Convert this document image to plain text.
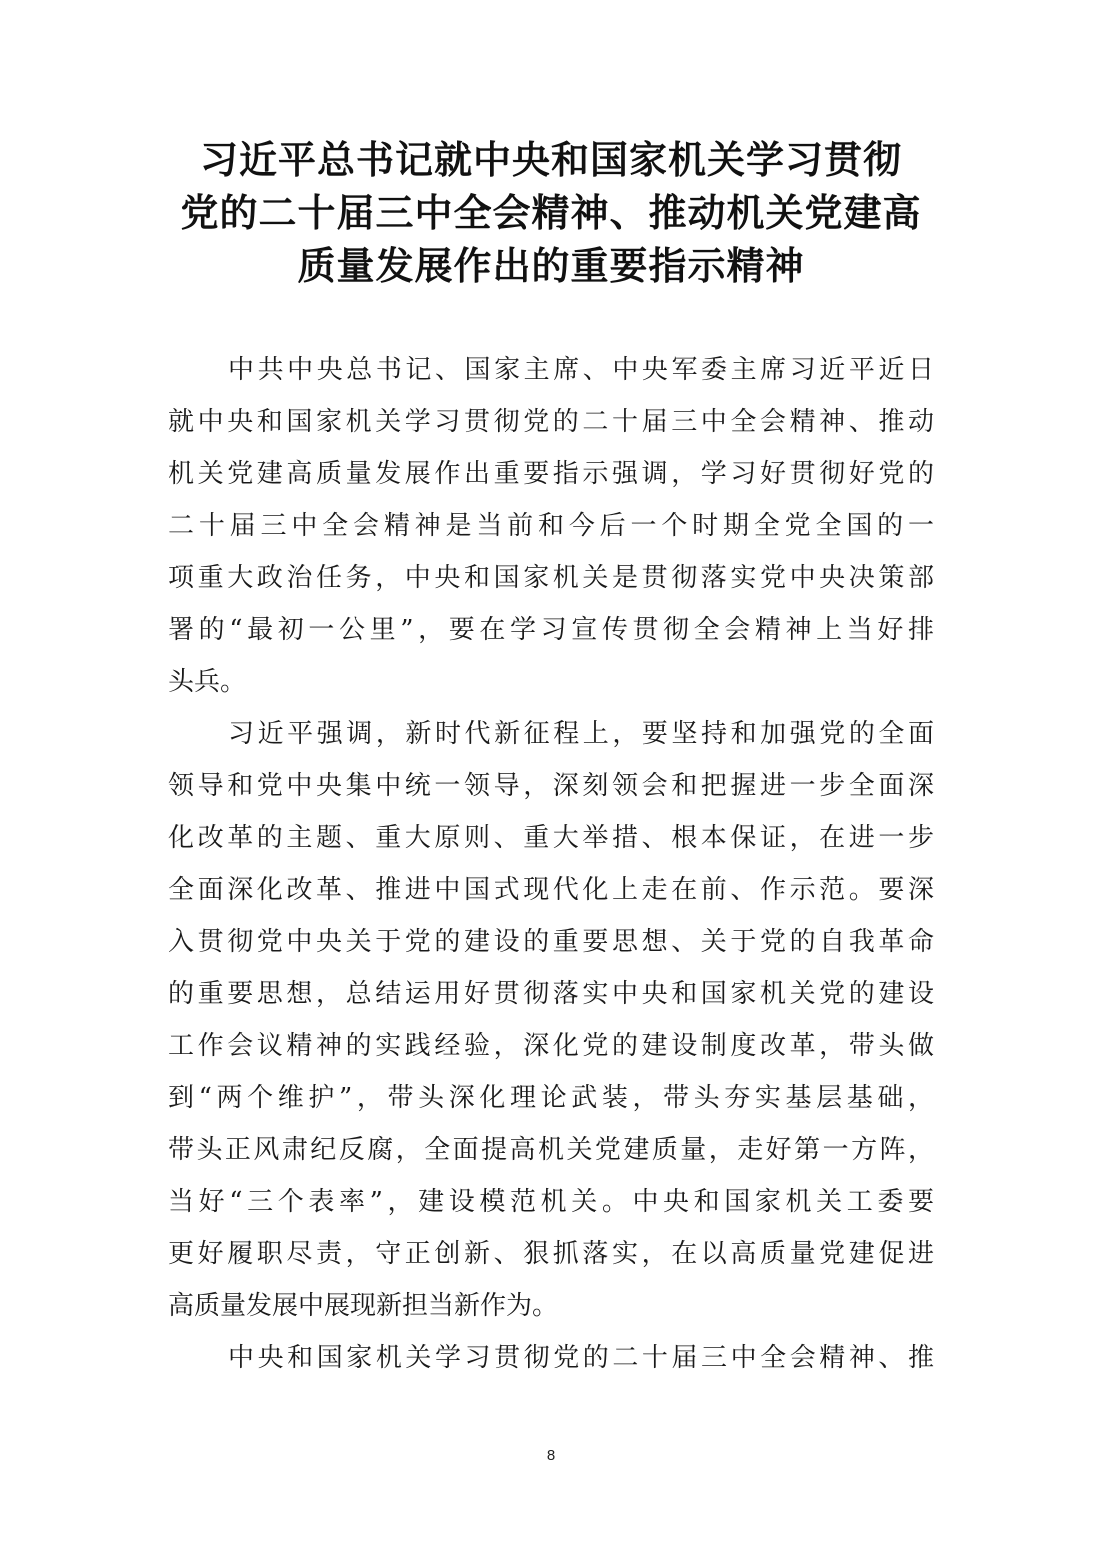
习近平总书记就中央和国家机关学习贯彻
党的二十届三中全会精神、推动机关党建高
质量发展作出的重要指示精神
中共中央总书记、国家主席、中央军委主席习近平近日
就中央和国家机关学习贯彻党的二十届三中全会精神、推动
机关党建高质量发展作出重要指示强调，学习好贯彻好党的
二十届三中全会精神是当前和今后一个时期全党全国的一
项重大政治任务，中央和国家机关是贯彻落实党中央决策部
署的“最初一公里”，要在学习宣传贯彻全会精神上当好排
头兵。
习近平强调，新时代新征程上，要坚持和加强党的全面
领导和党中央集中统一领导，深刻领会和把握进一步全面深
化改革的主题、重大原则、重大举措、根本保证，在进一步
全面深化改革、推进中国式现代化上走在前、作示范。要深
入贯彻党中央关于党的建设的重要思想、关于党的自我革命
的重要思想，总结运用好贯彻落实中央和国家机关党的建设
工作会议精神的实践经验，深化党的建设制度改革，带头做
到“两个维护”，带头深化理论武装，带头夯实基层基础，
带头正风肃纪反腐，全面提高机关党建质量，走好第一方阵，
当好“三个表率”，建设模范机关。中央和国家机关工委要
更好履职尽责，守正创新、狠抓落实，在以高质量党建促进
高质量发展中展现新担当新作为。
中央和国家机关学习贯彻党的二十届三中全会精神、推
8
